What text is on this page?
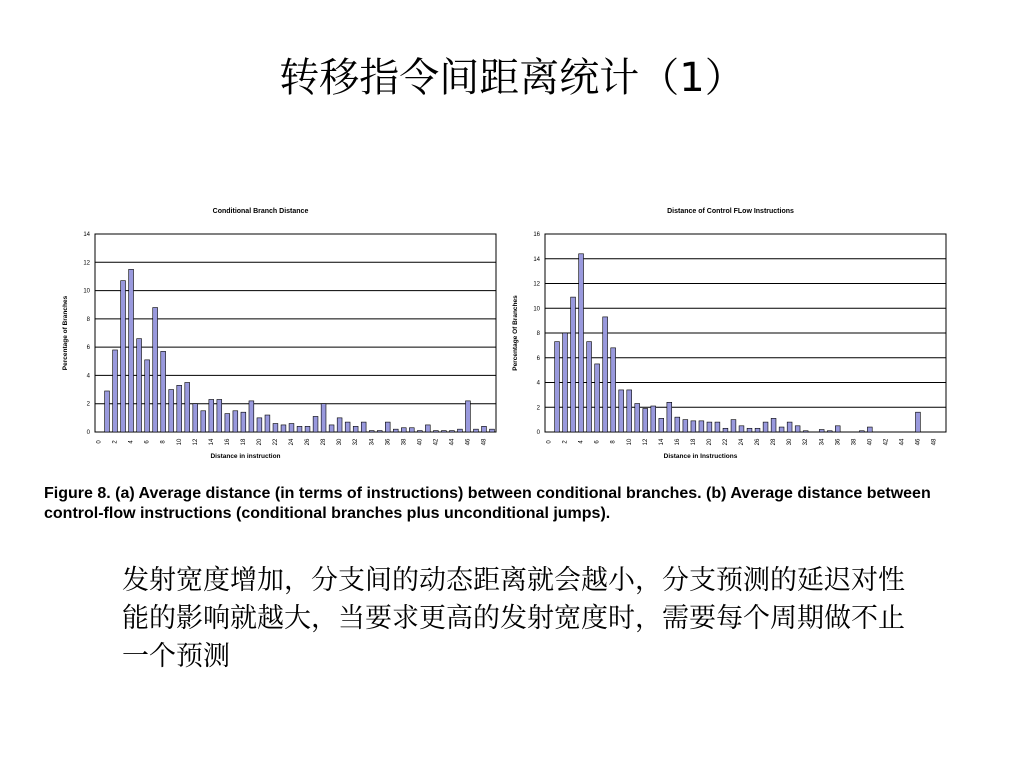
转移指令间距离统计（1）
0
2
4
6
8
10
12
14
0 2 4 6 8 10 12 14 16 18 20 22 24 26 28 30 32 34 36 38 40 42 44 46 48
Conditional Branch Distance
Distance in instruction
Percentage of Branches
0
2
4
6
8
10
12
14
16
0 2 4 6 8 10 12 14 16 18 20 22 24 26 28 30 32 34 36 38 40 42 44 46 48
Distance of Control FLow Instructions
Distance in Instructions
Percentage Of Branches

Figure 8. (a) Average distance (in terms of instructions) between conditional branches. (b) Average distance between control-flow instructions (conditional branches plus unconditional jumps).

发射宽度增加，分支间的动态距离就会越小，分支预测的延迟对性能的影响就越大，当要求更高的发射宽度时，需要每个周期做不止一个预测
